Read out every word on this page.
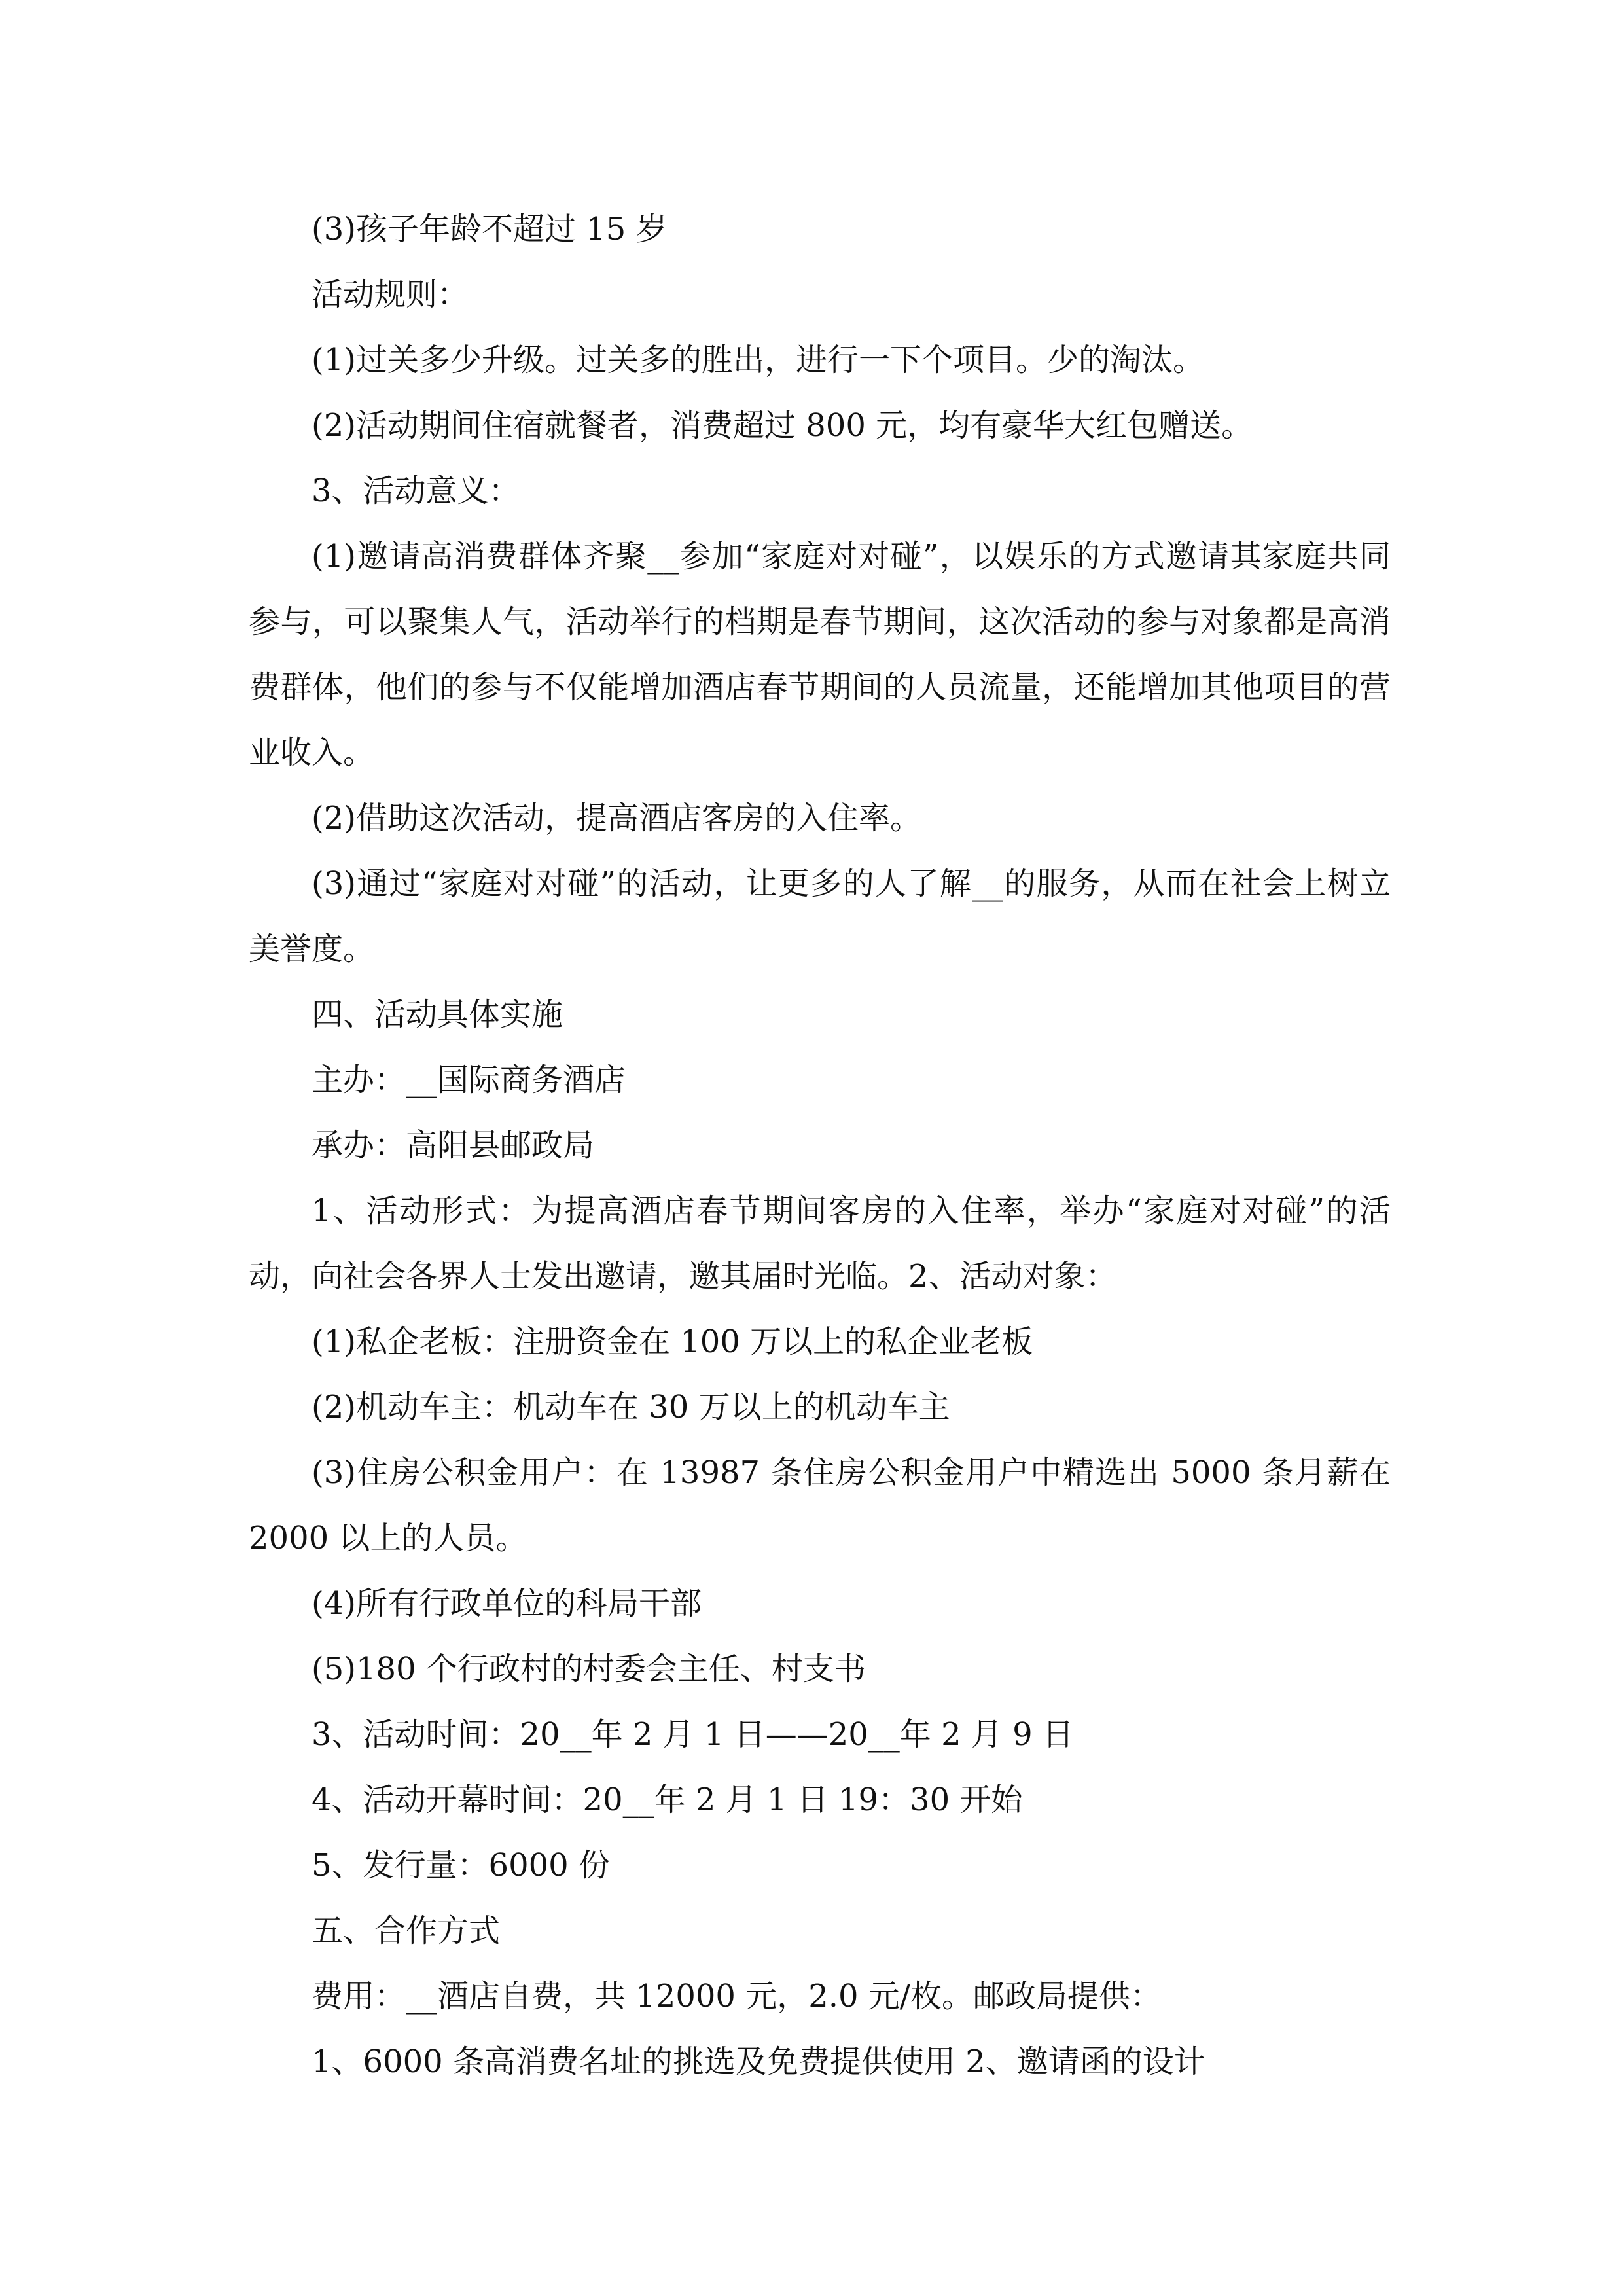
(3)孩子年龄不超过 15 岁

活动规则：

(1)过关多少升级。过关多的胜出，进行一下个项目。少的淘汰。

(2)活动期间住宿就餐者，消费超过 800 元，均有豪华大红包赠送。

3、活动意义：

(1)邀请高消费群体齐聚__参加“家庭对对碰”，以娱乐的方式邀请其家庭共同参与，可以聚集人气，活动举行的档期是春节期间，这次活动的参与对象都是高消费群体，他们的参与不仅能增加酒店春节期间的人员流量，还能增加其他项目的营业收入。

(2)借助这次活动，提高酒店客房的入住率。

(3)通过“家庭对对碰”的活动，让更多的人了解__的服务，从而在社会上树立美誉度。

四、活动具体实施

主办：__国际商务酒店

承办：高阳县邮政局

1、活动形式：为提高酒店春节期间客房的入住率，举办“家庭对对碰”的活动，向社会各界人士发出邀请，邀其届时光临。2、活动对象：

(1)私企老板：注册资金在 100 万以上的私企业老板

(2)机动车主：机动车在 30 万以上的机动车主

(3)住房公积金用户：在 13987 条住房公积金用户中精选出 5000 条月薪在 2000 以上的人员。

(4)所有行政单位的科局干部

(5)180 个行政村的村委会主任、村支书

3、活动时间：20__年 2 月 1 日——20__年 2 月 9 日

4、活动开幕时间：20__年 2 月 1 日 19：30 开始

5、发行量：6000 份

五、合作方式

费用：__酒店自费，共 12000 元，2.0 元/枚。邮政局提供：

1、6000 条高消费名址的挑选及免费提供使用 2、邀请函的设计
